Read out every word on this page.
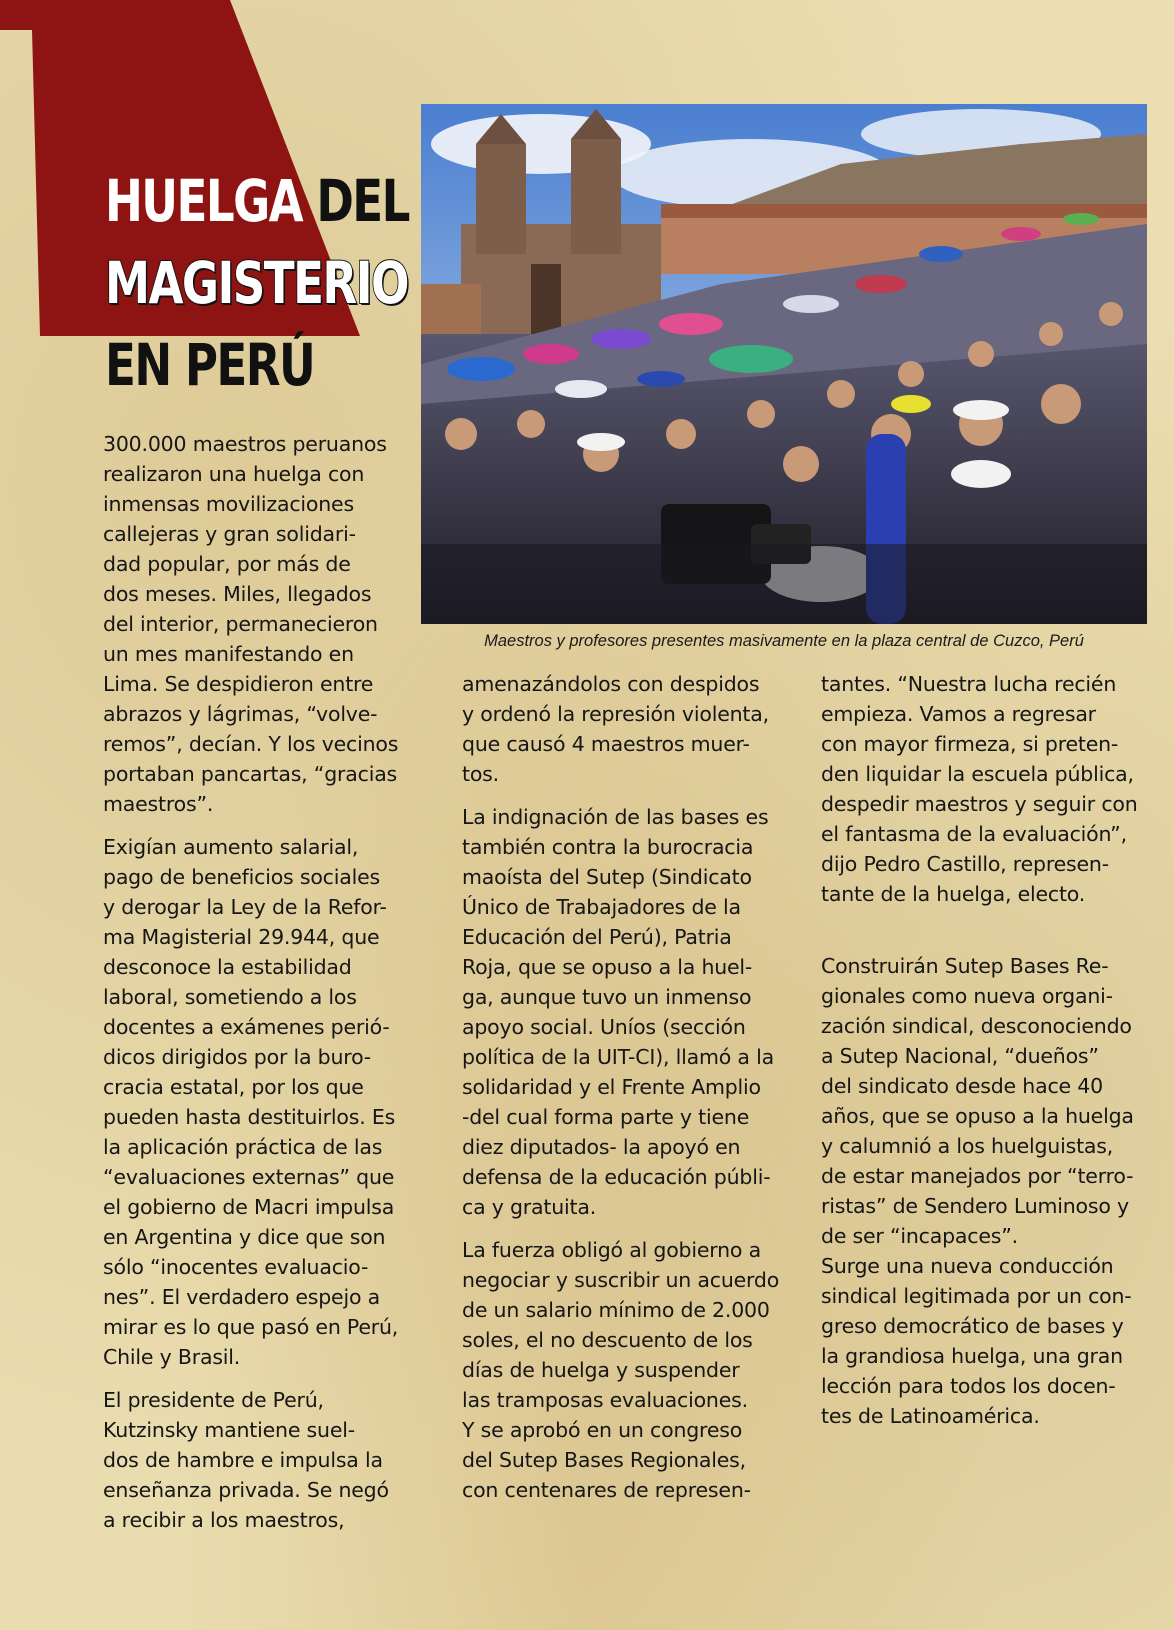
HUELGA DEL
MAGISTERIO
EN PERÚ
Maestros y profesores presentes masivamente en la plaza central de Cuzco, Perú

300.000 maestros peruanos
realizaron una huelga con
inmensas movilizaciones
callejeras y gran solidari-
dad popular, por más de
dos meses. Miles, llegados
del interior, permanecieron
un mes manifestando en
Lima. Se despidieron entre
abrazos y lágrimas, “volve-
remos”, decían. Y los vecinos
portaban pancartas, “gracias
maestros”.

Exigían aumento salarial,
pago de beneficios sociales
y derogar la Ley de la Refor-
ma Magisterial 29.944, que
desconoce la estabilidad
laboral, sometiendo a los
docentes a exámenes perió-
dicos dirigidos por la buro-
cracia estatal, por los que
pueden hasta destituirlos. Es
la aplicación práctica de las
“evaluaciones externas” que
el gobierno de Macri impulsa
en Argentina y dice que son
sólo “inocentes evaluacio-
nes”. El verdadero espejo a
mirar es lo que pasó en Perú,
Chile y Brasil.

El presidente de Perú,
Kutzinsky mantiene suel-
dos de hambre e impulsa la
enseñanza privada. Se negó
a recibir a los maestros,

amenazándolos con despidos
y ordenó la represión violenta,
que causó 4 maestros muer-
tos.

La indignación de las bases es
también contra la burocracia
maoísta del Sutep (Sindicato
Único de Trabajadores de la
Educación del Perú), Patria
Roja, que se opuso a la huel-
ga, aunque tuvo un inmenso
apoyo social. Uníos (sección
política de la UIT-CI), llamó a la
solidaridad y el Frente Amplio
-del cual forma parte y tiene
diez diputados- la apoyó en
defensa de la educación públi-
ca y gratuita.

La fuerza obligó al gobierno a
negociar y suscribir un acuerdo
de un salario mínimo de 2.000
soles, el no descuento de los
días de huelga y suspender
las tramposas evaluaciones.
Y se aprobó en un congreso
del Sutep Bases Regionales,
con centenares de represen-

tantes. “Nuestra lucha recién
empieza. Vamos a regresar
con mayor firmeza, si preten-
den liquidar la escuela pública,
despedir maestros y seguir con
el fantasma de la evaluación”,
dijo Pedro Castillo, represen-
tante de la huelga, electo.

Construirán Sutep Bases Re-
gionales como nueva organi-
zación sindical, desconociendo
a Sutep Nacional, “dueños”
del sindicato desde hace 40
años, que se opuso a la huelga
y calumnió a los huelguistas,
de estar manejados por “terro-
ristas” de Sendero Luminoso y
de ser “incapaces”.
Surge una nueva conducción
sindical legitimada por un con-
greso democrático de bases y
la grandiosa huelga, una gran
lección para todos los docen-
tes de Latinoamérica.
